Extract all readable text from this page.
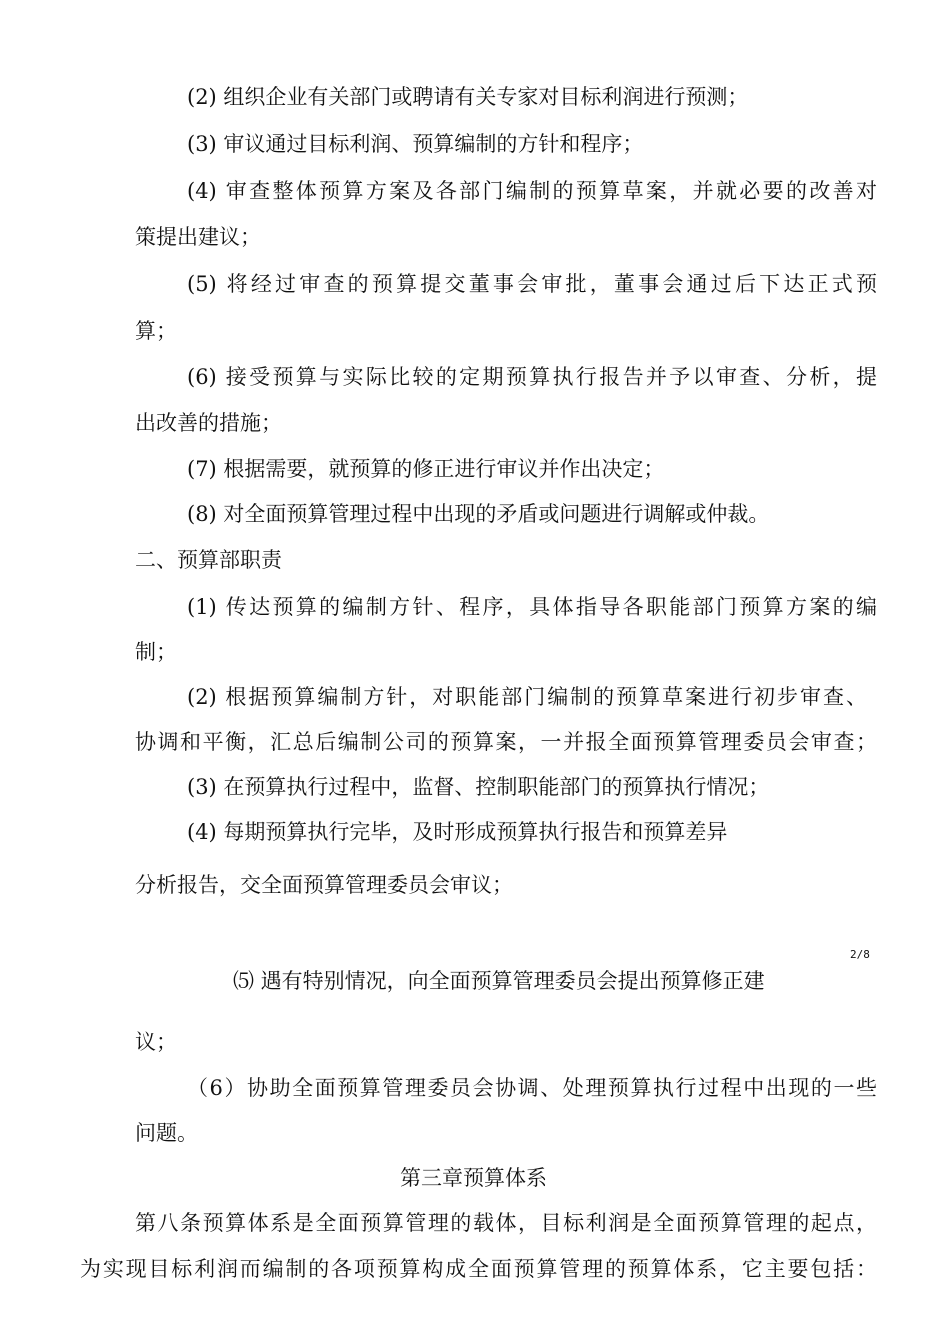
(2) 组织企业有关部门或聘请有关专家对目标利润进行预测；
(3) 审议通过目标利润、预算编制的方针和程序；
(4) 审查整体预算方案及各部门编制的预算草案，并就必要的改善对
策提出建议；
(5) 将经过审查的预算提交董事会审批，董事会通过后下达正式预
算；
(6) 接受预算与实际比较的定期预算执行报告并予以审查、分析，提
出改善的措施；
(7) 根据需要，就预算的修正进行审议并作出决定；
(8) 对全面预算管理过程中出现的矛盾或问题进行调解或仲裁。
二、预算部职责
(1) 传达预算的编制方针、程序，具体指导各职能部门预算方案的编
制；
(2) 根据预算编制方针，对职能部门编制的预算草案进行初步审查、
协调和平衡，汇总后编制公司的预算案，一并报全面预算管理委员会审查；
(3) 在预算执行过程中，监督、控制职能部门的预算执行情况；
(4) 每期预算执行完毕，及时形成预算执行报告和预算差异
分析报告，交全面预算管理委员会审议；
2/8
⑸ 遇有特别情况，向全面预算管理委员会提出预算修正建
议；
（6）协助全面预算管理委员会协调、处理预算执行过程中出现的一些
问题。
第三章预算体系
第八条预算体系是全面预算管理的载体，目标利润是全面预算管理的起点，
为实现目标利润而编制的各项预算构成全面预算管理的预算体系，它主要包括：
